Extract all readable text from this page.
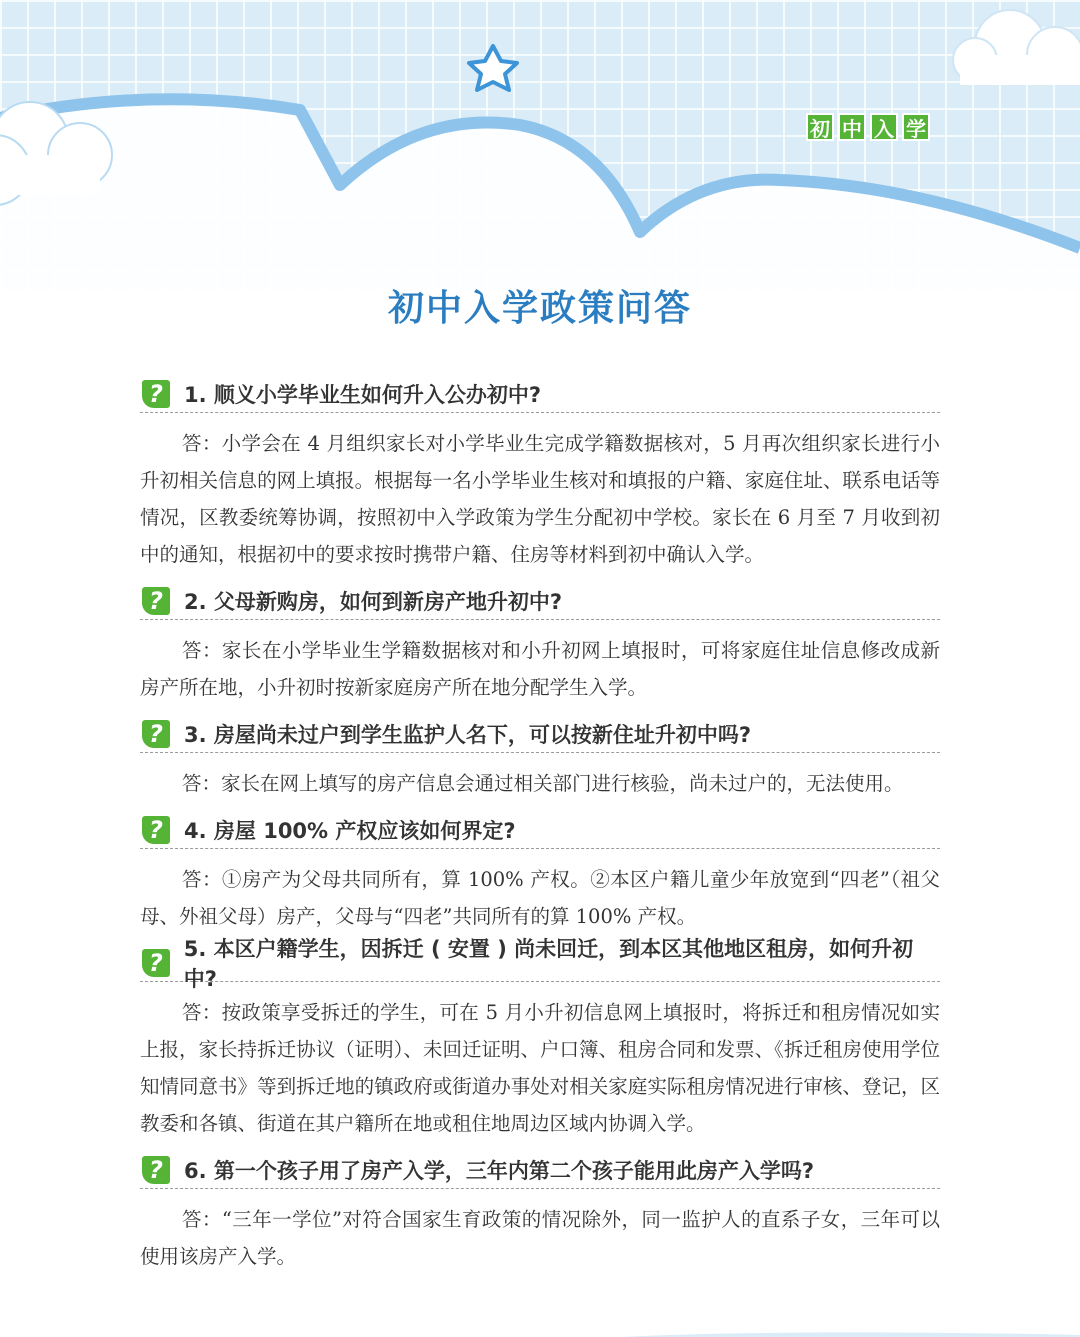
初 中 入 学
初中入学政策问答
?	1. 顺义小学毕业生如何升入公办初中?

答：小学会在 4 月组织家长对小学毕业生完成学籍数据核对，5 月再次组织家长进行小升初相关信息的网上填报。根据每一名小学毕业生核对和填报的户籍、家庭住址、联系电话等情况，区教委统筹协调，按照初中入学政策为学生分配初中学校。家长在 6 月至 7 月收到初中的通知，根据初中的要求按时携带户籍、住房等材料到初中确认入学。

?	2. 父母新购房，如何到新房产地升初中?

答：家长在小学毕业生学籍数据核对和小升初网上填报时，可将家庭住址信息修改成新房产所在地，小升初时按新家庭房产所在地分配学生入学。

?	3. 房屋尚未过户到学生监护人名下，可以按新住址升初中吗?

答：家长在网上填写的房产信息会通过相关部门进行核验，尚未过户的，无法使用。

?	4. 房屋 100% 产权应该如何界定?

答：①房产为父母共同所有，算 100% 产权。②本区户籍儿童少年放宽到“四老”（祖父母、外祖父母）房产，父母与“四老”共同所有的算 100% 产权。

? 5. 本区户籍学生，因拆迁 ( 安置 ) 尚未回迁，到本区其他地区租房，如何升初中?

答：按政策享受拆迁的学生，可在 5 月小升初信息网上填报时，将拆迁和租房情况如实上报，家长持拆迁协议（证明）、未回迁证明、户口簿、租房合同和发票、《拆迁租房使用学位知情同意书》等到拆迁地的镇政府或街道办事处对相关家庭实际租房情况进行审核、登记，区教委和各镇、街道在其户籍所在地或租住地周边区域内协调入学。

?	6. 第一个孩子用了房产入学，三年内第二个孩子能用此房产入学吗?

答：“三年一学位”对符合国家生育政策的情况除外，同一监护人的直系子女，三年可以使用该房产入学。
